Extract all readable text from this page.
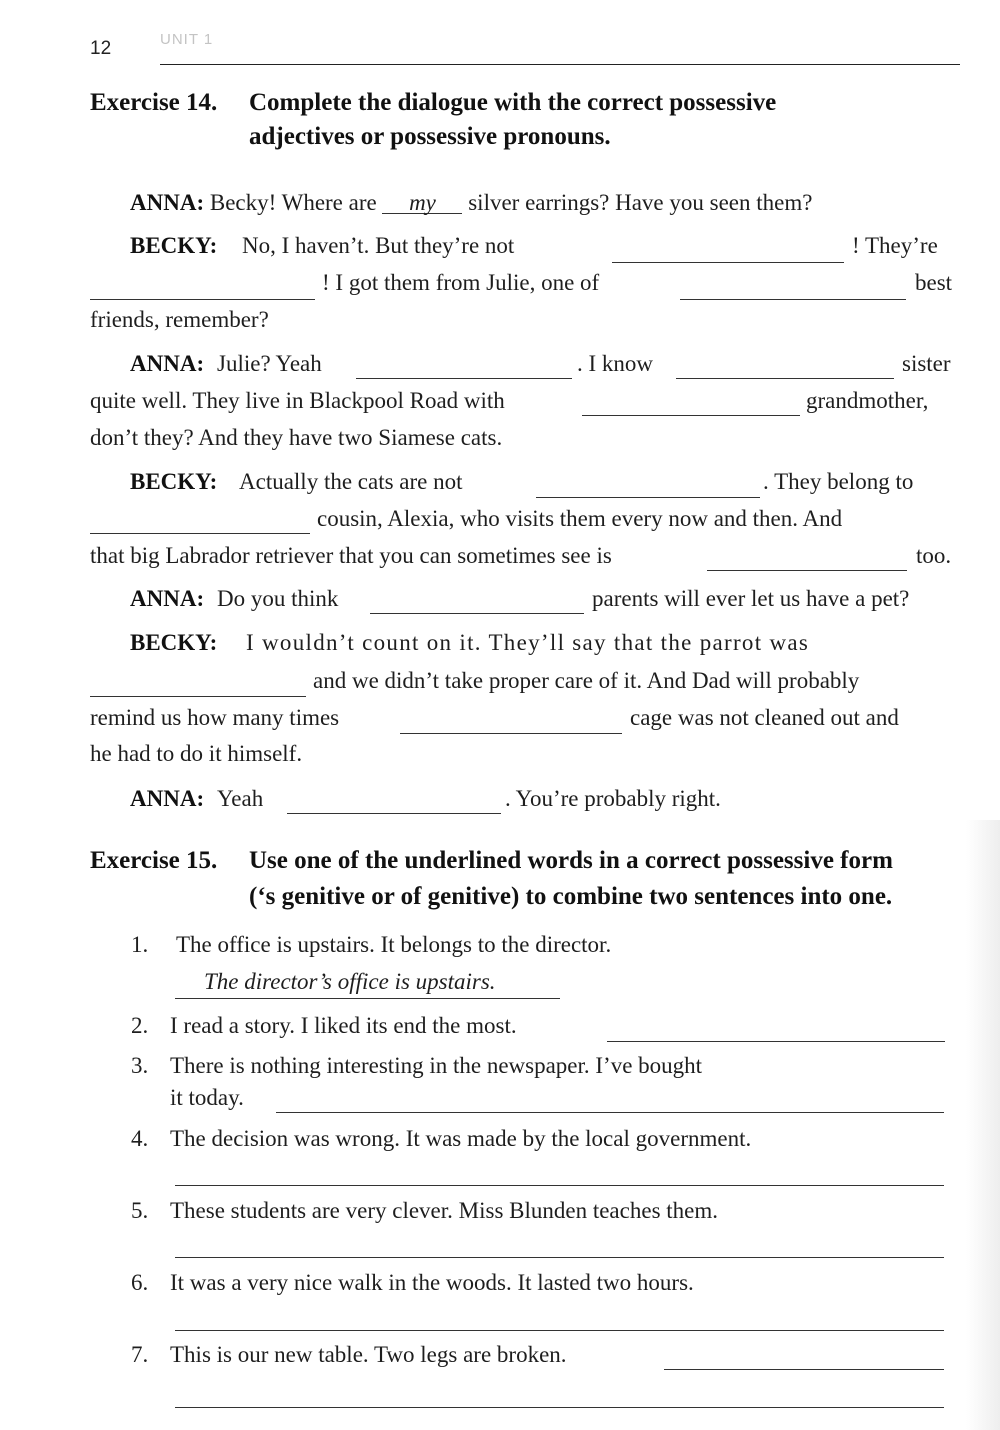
12	UNIT 1
Exercise 14. Complete the dialogue with the correct possessive
adjectives or possessive pronouns.
ANNA: Becky! Where are my silver earrings? Have you seen them?
BECKY: No, I haven’t. But they’re not	! They’re
! I got them from Julie, one of	best
friends, remember?
ANNA: Julie? Yeah	. I know	sister
quite well. They live in Blackpool Road with	grandmother,
don’t they? And they have two Siamese cats.
BECKY: Actually the cats are not	. They belong to
cousin, Alexia, who visits them every now and then. And
that big Labrador retriever that you can sometimes see is	too.
ANNA: Do you think	parents will ever let us have a pet?
BECKY: I wouldn’t count on it. They’ll say that the parrot was
and we didn’t take proper care of it. And Dad will probably
remind us how many times	cage was not cleaned out and
he had to do it himself.
ANNA: Yeah	. You’re probably right.
Exercise 15. Use one of the underlined words in a correct possessive form
(‘s genitive or of genitive) to combine two sentences into one.
1. The office is upstairs. It belongs to the director.
The director’s office is upstairs.
2. I read a story. I liked its end the most.
3. There is nothing interesting in the newspaper. I’ve bought
it today.
4. The decision was wrong. It was made by the local government.
5. These students are very clever. Miss Blunden teaches them.
6. It was a very nice walk in the woods. It lasted two hours.
7. This is our new table. Two legs are broken.
